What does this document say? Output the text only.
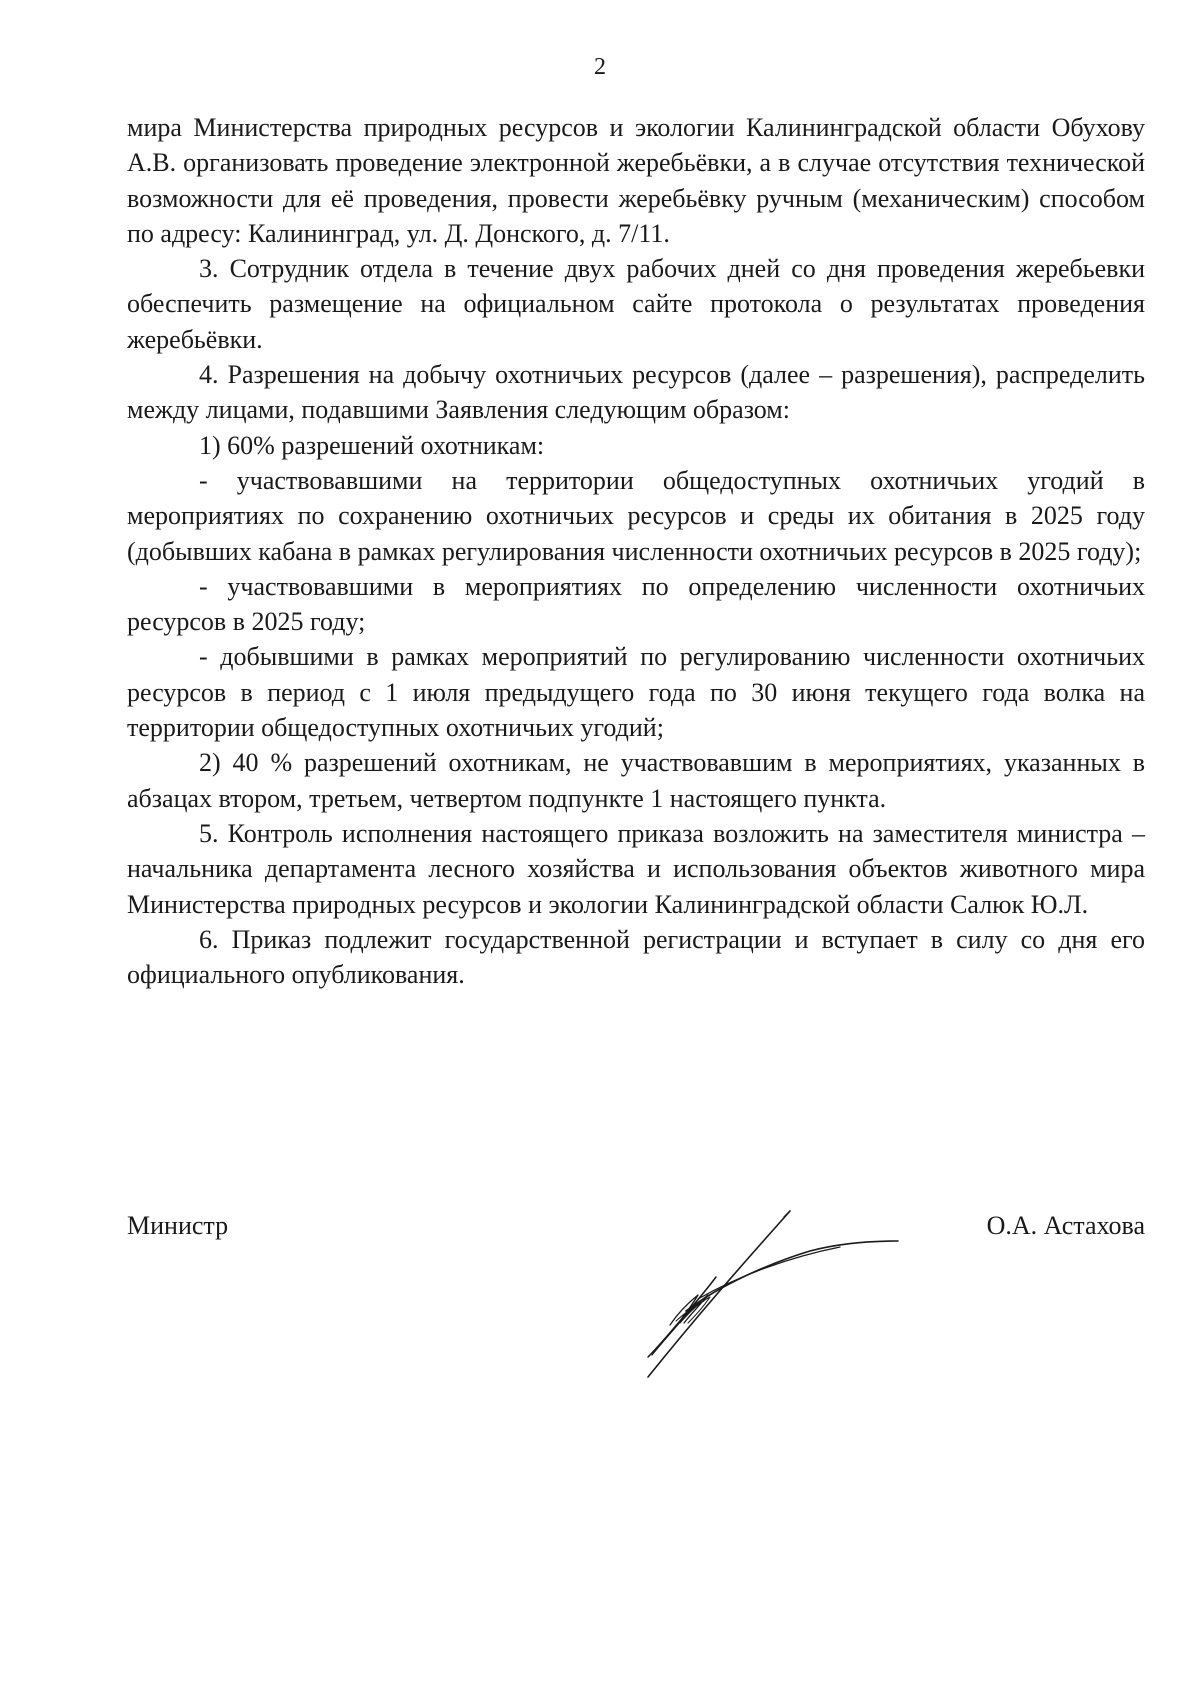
2

мира Министерства природных ресурсов и экологии Калининградской области Обухову А.В. организовать проведение электронной жеребьёвки, а в случае отсутствия технической возможности для её проведения, провести жеребьёвку ручным (механическим) способом по адресу: Калининград, ул. Д. Донского, д. 7/11.

3. Сотрудник отдела в течение двух рабочих дней со дня проведения жеребьевки обеспечить размещение на официальном сайте протокола о результатах проведения жеребьёвки.

4. Разрешения на добычу охотничьих ресурсов (далее – разрешения), распределить между лицами, подавшими Заявления следующим образом:

1) 60% разрешений охотникам:

- участвовавшими на территории общедоступных охотничьих угодий в мероприятиях по сохранению охотничьих ресурсов и среды их обитания в 2025 году (добывших кабана в рамках регулирования численности охотничьих ресурсов в 2025 году);

- участвовавшими в мероприятиях по определению численности охотничьих ресурсов в 2025 году;

- добывшими в рамках мероприятий по регулированию численности охотничьих ресурсов в период с 1 июля предыдущего года по 30 июня текущего года волка на территории общедоступных охотничьих угодий;

2) 40 % разрешений охотникам, не участвовавшим в мероприятиях, указанных в абзацах втором, третьем, четвертом подпункте 1 настоящего пункта.

5. Контроль исполнения настоящего приказа возложить на заместителя министра – начальника департамента лесного хозяйства и использования объектов животного мира Министерства природных ресурсов и экологии Калининградской области Салюк Ю.Л.

6. Приказ подлежит государственной регистрации и вступает в силу со дня его официального опубликования.

Министр	О.А. Астахова
